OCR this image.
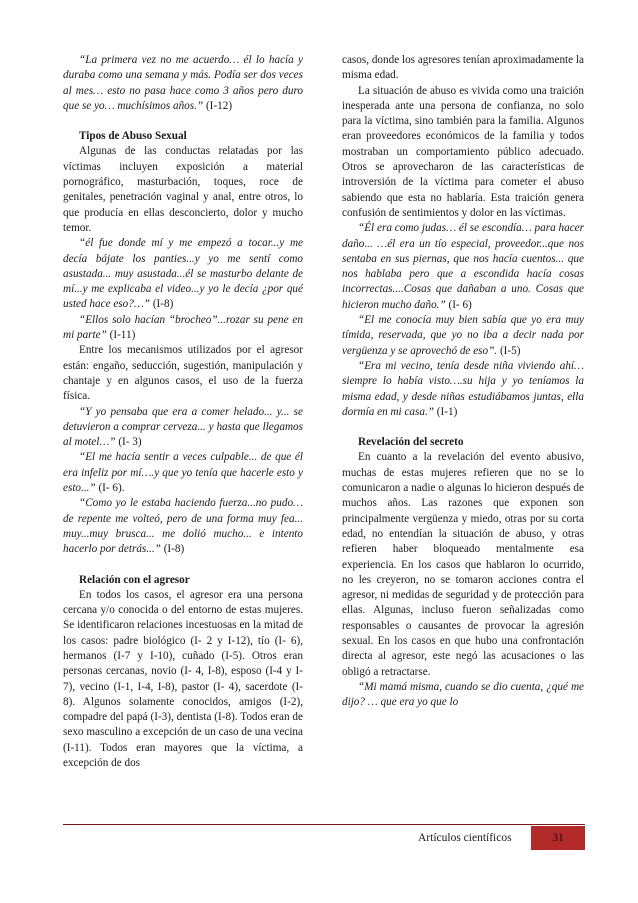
“La primera vez no me acuerdo… él lo hacía y duraba como una semana y más. Podía ser dos veces al mes… esto no pasa hace como 3 años pero duro que se yo… muchísimos años.” (I-12)

Tipos de Abuso Sexual

Algunas de las conductas relatadas por las víctimas incluyen exposición a material pornográfico, masturbación, toques, roce de genitales, penetración vaginal y anal, entre otros, lo que producía en ellas desconcierto, dolor y mucho temor.

“él fue donde mí y me empezó a tocar...y me decía bájate los panties...y yo me sentí como asustada... muy asustada...él se masturbo delante de mí...y me explicaba el video...y yo le decía ¿por qué usted hace eso?…” (I-8)

“Ellos solo hacían “brocheo”...rozar su pene en mi parte” (I-11)

Entre los mecanismos utilizados por el agresor están: engaño, seducción, sugestión, manipulación y chantaje y en algunos casos, el uso de la fuerza física.

“Y yo pensaba que era a comer helado... y... se detuvieron a comprar cerveza... y hasta que llegamos al motel…” (I- 3)

“El me hacía sentir a veces culpable... de que él era infeliz por mí….y que yo tenía que hacerle esto y esto...” (I- 6).

“Como yo le estaba haciendo fuerza...no pudo…de repente me volteó, pero de una forma muy fea... muy...muy brusca... me dolió mucho... e intento hacerlo por detrás...” (I-8)

Relación con el agresor

En todos los casos, el agresor era una persona cercana y/o conocida o del entorno de estas mujeres. Se identificaron relaciones incestuosas en la mitad de los casos: padre biológico (I- 2 y I-12), tío (I- 6), hermanos (I-7 y I-10), cuñado (I-5). Otros eran personas cercanas, novio (I- 4, I-8), esposo (I-4 y I-7), vecino (I-1, I-4, I-8), pastor (I- 4), sacerdote (I- 8). Algunos solamente conocidos, amigos (I-2), compadre del papá (I-3), dentista (I-8). Todos eran de sexo masculino a excepción de un caso de una vecina (I-11). Todos eran mayores que la víctima, a excepción de dos

casos, donde los agresores tenían aproximadamente la misma edad.

La situación de abuso es vivida como una traición inesperada ante una persona de confianza, no solo para la víctima, sino también para la familia. Algunos eran proveedores económicos de la familia y todos mostraban un comportamiento público adecuado. Otros se aprovecharon de las características de introversión de la víctima para cometer el abuso sabiendo que esta no hablaría. Esta traición genera confusión de sentimientos y dolor en las víctimas.

“Él era como judas… él se escondía… para hacer daño... …él era un tío especial, proveedor...que nos sentaba en sus piernas, que nos hacía cuentos... que nos hablaba pero que a escondida hacía cosas incorrectas....Cosas que dañaban a uno. Cosas que hicieron mucho daño.” (I- 6)

“El me conocía muy bien sabía que yo era muy tímida, reservada, que yo no iba a decir nada por vergüenza y se aprovechó de eso”. (I-5)

“Era mi vecino, tenía desde niña viviendo ahí… siempre lo había visto….su hija y yo teníamos la misma edad, y desde niñas estudiábamos juntas, ella dormía en mi casa.” (I-1)

Revelación del secreto

En cuanto a la revelación del evento abusivo, muchas de estas mujeres refieren que no se lo comunicaron a nadie o algunas lo hicieron después de muchos años. Las razones que exponen son principalmente vergüenza y miedo, otras por su corta edad, no entendían la situación de abuso, y otras refieren haber bloqueado mentalmente esa experiencia. En los casos que hablaron lo ocurrido, no les creyeron, no se tomaron acciones contra el agresor, ni medidas de seguridad y de protección para ellas. Algunas, incluso fueron señalizadas como responsables o causantes de provocar la agresión sexual. En los casos en que hubo una confrontación directa al agresor, este negó las acusaciones o las obligó a retractarse.

“Mi mamá misma, cuando se dio cuenta, ¿qué me dijo? … que era yo que lo

Artículos científicos	31
